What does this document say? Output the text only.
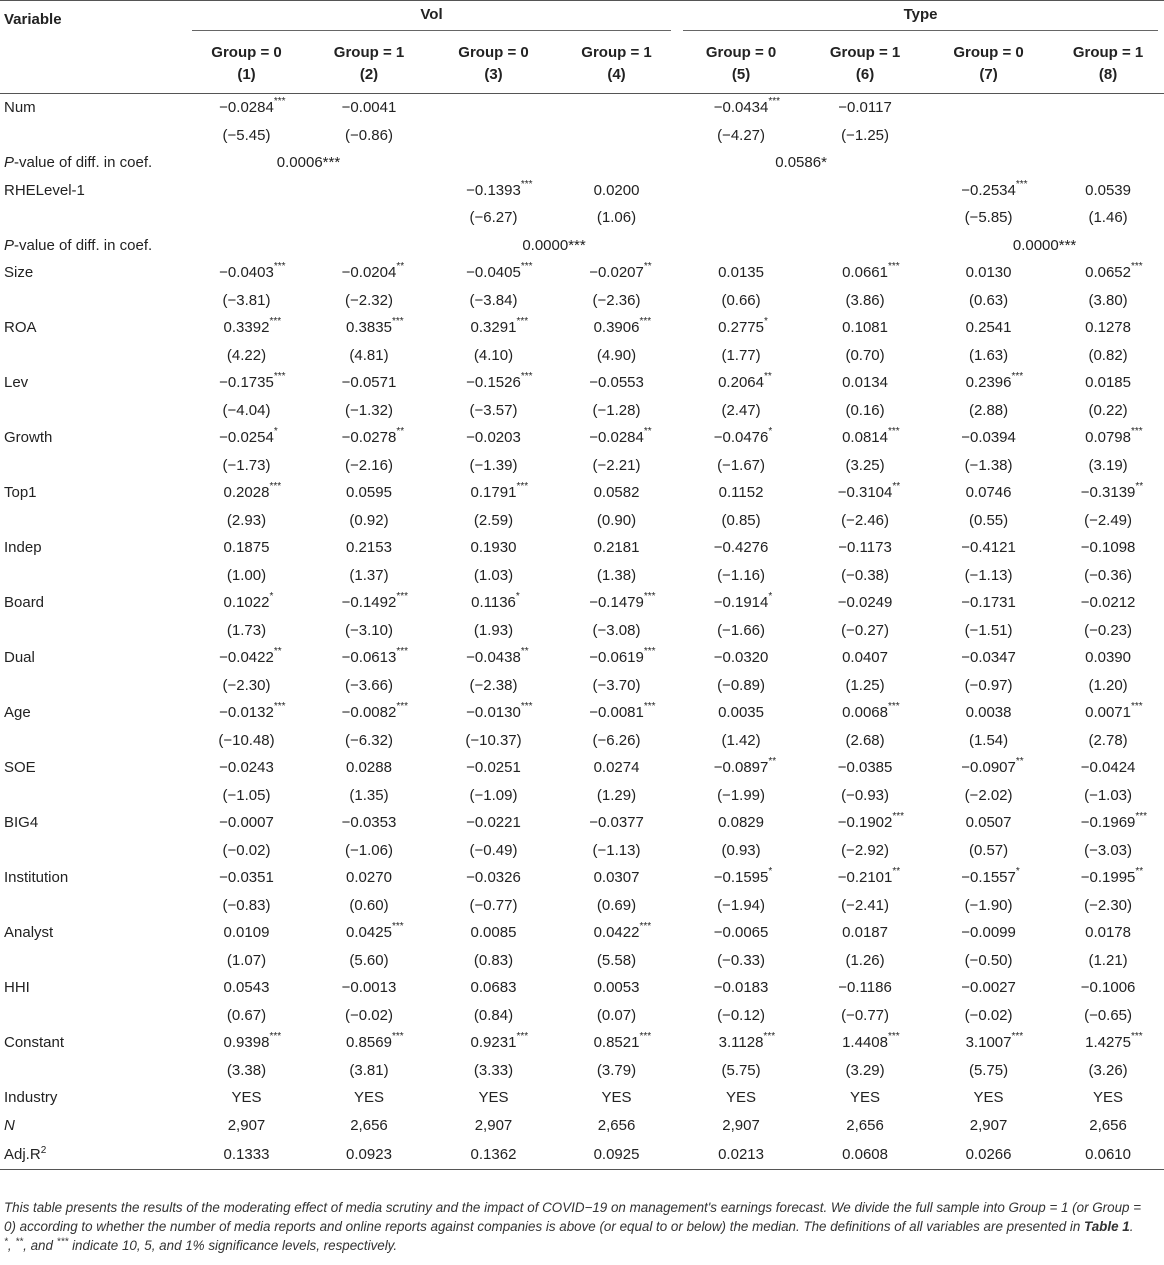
Variable	Vol				Type			

	Group = 0	Group = 1	Group = 0	Group = 1	Group = 0	Group = 1	Group = 0	Group = 1
	(1)	(2)	(3)	(4)	(5)	(6)	(7)	(8)
Num	−0.0284 ***	−0.0041			−0.0434 ***	−0.0117		
	(−5.45)	(−0.86)			(−4.27)	(−1.25)		
P-value of diff. in coef.	0.0006***				0.0586*			
RHELevel-1			−0.1393 ***	0.0200			−0.2534 ***	0.0539
			(−6.27)	(1.06)			(−5.85)	(1.46)
P-value of diff. in coef.			0.0000***				0.0000***	
Size	−0.0403 ***	−0.0204 **	−0.0405 ***	−0.0207 **	0.0135	0.0661 ***	0.0130	0.0652 ***

	(−3.81)	(−2.32)	(−3.84)	(−2.36)	(0.66)	(3.86)	(0.63)	(3.80)
ROA	0.3392 ***	0.3835 ***	0.3291 ***	0.3906 ***	0.2775 *	0.1081	0.2541	0.1278
	(4.22)	(4.81)	(4.10)	(4.90)	(1.77)	(0.70)	(1.63)	(0.82)
Lev	−0.1735 ***	−0.0571	−0.1526 ***	−0.0553	0.2064 **	0.0134	0.2396 ***	0.0185
	(−4.04)	(−1.32)	(−3.57)	(−1.28)	(2.47)	(0.16)	(2.88)	(0.22)
Growth	−0.0254 *	−0.0278 **	−0.0203	−0.0284 **	−0.0476 *	0.0814 ***	−0.0394	0.0798 ***

	(−1.73)	(−2.16)	(−1.39)	(−2.21)	(−1.67)	(3.25)	(−1.38)	(3.19)
Top1	0.2028 ***	0.0595	0.1791 ***	0.0582	0.1152	−0.3104 **	0.0746	−0.3139 **

	(2.93)	(0.92)	(2.59)	(0.90)	(0.85)	(−2.46)	(0.55)	(−2.49)
Indep	0.1875	0.2153	0.1930	0.2181	−0.4276	−0.1173	−0.4121	−0.1098
	(1.00)	(1.37)	(1.03)	(1.38)	(−1.16)	(−0.38)	(−1.13)	(−0.36)
Board	0.1022 *	−0.1492 ***	0.1136 *	−0.1479 ***	−0.1914 *	−0.0249	−0.1731	−0.0212
	(1.73)	(−3.10)	(1.93)	(−3.08)	(−1.66)	(−0.27)	(−1.51)	(−0.23)
Dual	−0.0422 **	−0.0613 ***	−0.0438 **	−0.0619 ***	−0.0320	0.0407	−0.0347	0.0390
	(−2.30)	(−3.66)	(−2.38)	(−3.70)	(−0.89)	(1.25)	(−0.97)	(1.20)
Age	−0.0132 ***	−0.0082 ***	−0.0130 ***	−0.0081 ***	0.0035	0.0068 ***	0.0038	0.0071 ***

	(−10.48)	(−6.32)	(−10.37)	(−6.26)	(1.42)	(2.68)	(1.54)	(2.78)
SOE	−0.0243	0.0288	−0.0251	0.0274	−0.0897 **	−0.0385	−0.0907 **	−0.0424
	(−1.05)	(1.35)	(−1.09)	(1.29)	(−1.99)	(−0.93)	(−2.02)	(−1.03)
BIG4	−0.0007	−0.0353	−0.0221	−0.0377	0.0829	−0.1902 ***	0.0507	−0.1969 ***

	(−0.02)	(−1.06)	(−0.49)	(−1.13)	(0.93)	(−2.92)	(0.57)	(−3.03)
Institution	−0.0351	0.0270	−0.0326	0.0307	−0.1595 *	−0.2101 **	−0.1557 *	−0.1995 **

	(−0.83)	(0.60)	(−0.77)	(0.69)	(−1.94)	(−2.41)	(−1.90)	(−2.30)
Analyst	0.0109	0.0425 ***	0.0085	0.0422 ***	−0.0065	0.0187	−0.0099	0.0178
	(1.07)	(5.60)	(0.83)	(5.58)	(−0.33)	(1.26)	(−0.50)	(1.21)
HHI	0.0543	−0.0013	0.0683	0.0053	−0.0183	−0.1186	−0.0027	−0.1006
	(0.67)	(−0.02)	(0.84)	(0.07)	(−0.12)	(−0.77)	(−0.02)	(−0.65)
Constant	0.9398 ***	0.8569 ***	0.9231 ***	0.8521 ***	3.1128 ***	1.4408 ***	3.1007 ***	1.4275 ***

	(3.38)	(3.81)	(3.33)	(3.79)	(5.75)	(3.29)	(5.75)	(3.26)
Industry	YES	YES	YES	YES	YES	YES	YES	YES
N	2,907	2,656	2,907	2,656	2,907	2,656	2,907	2,656
$Adj.R^2$	0.1333	0.0923	0.1362	0.0925	0.0213	0.0608	0.0266	0.0610
This table presents the results of the moderating effect of media scrutiny and the impact of COVID−19 on management's earnings forecast. We divide the full sample into Group = 1 (or Group = 0) according to whether the number of media reports and online reports against companies is above (or equal to or below) the median. The definitions of all variables are presented in Table 1. *, **, and *** indicate 10, 5, and 1% significance levels, respectively.
